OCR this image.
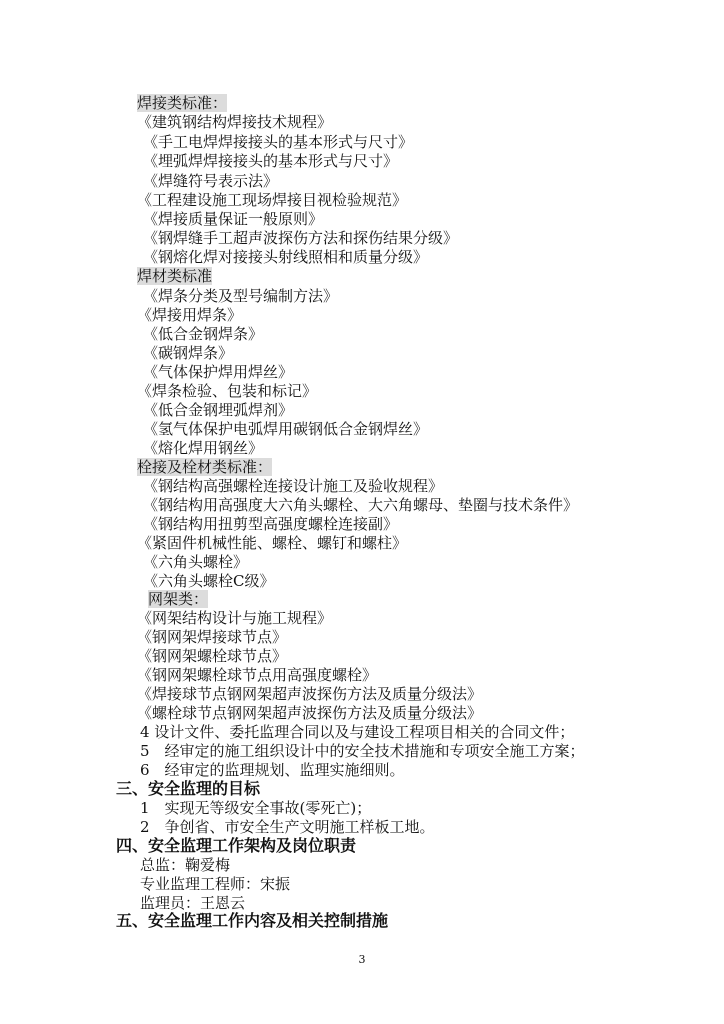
焊接类标准：
《建筑钢结构焊接技术规程》
《手工电焊焊接接头的基本形式与尺寸》
《埋弧焊焊接接头的基本形式与尺寸》
《焊缝符号表示法》
《工程建设施工现场焊接目视检验规范》
《焊接质量保证一般原则》
《钢焊缝手工超声波探伤方法和探伤结果分级》
《钢熔化焊对接接头射线照相和质量分级》
焊材类标准
《焊条分类及型号编制方法》
《焊接用焊条》
《低合金钢焊条》
《碳钢焊条》
《气体保护焊用焊丝》
《焊条检验、包装和标记》
《低合金钢埋弧焊剂》
《氢气体保护电弧焊用碳钢低合金钢焊丝》
《熔化焊用钢丝》
栓接及栓材类标准：
《钢结构高强螺栓连接设计施工及验收规程》
《钢结构用高强度大六角头螺栓、大六角螺母、垫圈与技术条件》
《钢结构用扭剪型高强度螺栓连接副》
《紧固件机械性能、螺栓、螺钉和螺柱》
《六角头螺栓》
《六角头螺栓C级》
网架类：
《网架结构设计与施工规程》
《钢网架焊接球节点》
《钢网架螺栓球节点》
《钢网架螺栓球节点用高强度螺栓》
《焊接球节点钢网架超声波探伤方法及质量分级法》
《螺栓球节点钢网架超声波探伤方法及质量分级法》
4 设计文件、委托监理合同以及与建设工程项目相关的合同文件；
5　经审定的施工组织设计中的安全技术措施和专项安全施工方案；
6　经审定的监理规划、监理实施细则。
三、安全监理的目标
1　实现无等级安全事故(零死亡)；
2　争创省、市安全生产文明施工样板工地。
四、安全监理工作架构及岗位职责
总监：鞠爱梅
专业监理工程师：宋振
监理员：王恩云
五、安全监理工作内容及相关控制措施
3
